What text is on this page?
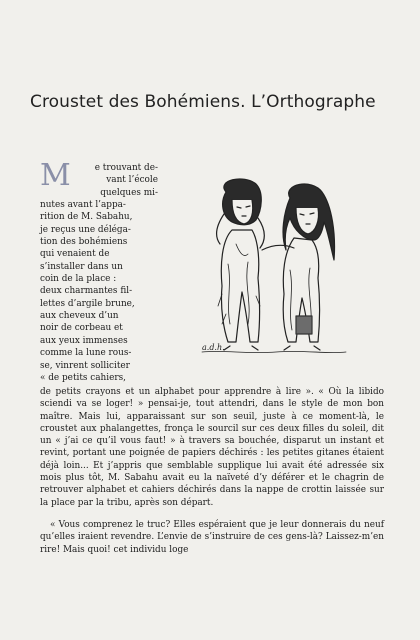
Croustet des Bohémiens. L’Orthographe
M	e trouvant de-
vant l’école
quelques mi-
nutes avant l’appa-
rition de M. Sabahu,
je reçus une déléga-
tion des bohémiens
qui venaient de
s’installer dans un
coin de la place :
deux charmantes fil-
lettes d’argile brune,
aux cheveux d’un
noir de corbeau et
aux yeux immenses
comme la lune rous-
se, vinrent solliciter
« de petits cahiers,
a.d.h.

de petits crayons et un alphabet pour apprendre à lire ». « Où la libido sciendi va se loger! » pensai-je, tout attendri, dans le style de mon bon maître. Mais lui, apparaissant sur son seuil, juste à ce moment-là, le croustet aux phalangettes, fronça le sourcil sur ces deux filles du soleil, dit un « j’ai ce qu’il vous faut! » à travers sa bouchée, disparut un instant et revint, portant une poignée de papiers déchirés : les petites gitanes étaient déjà loin... Et j’appris que semblable supplique lui avait été adressée six mois plus tôt, M. Sabahu avait eu la naïveté d’y déférer et le chagrin de retrouver alphabet et cahiers déchirés dans la nappe de crottin laissée sur la place par la tribu, après son départ.

« Vous comprenez le truc? Elles espéraient que je leur donnerais du neuf qu’elles iraient revendre. L’envie de s’instruire de ces gens-là? Laissez-m’en rire! Mais quoi! cet individu loge
